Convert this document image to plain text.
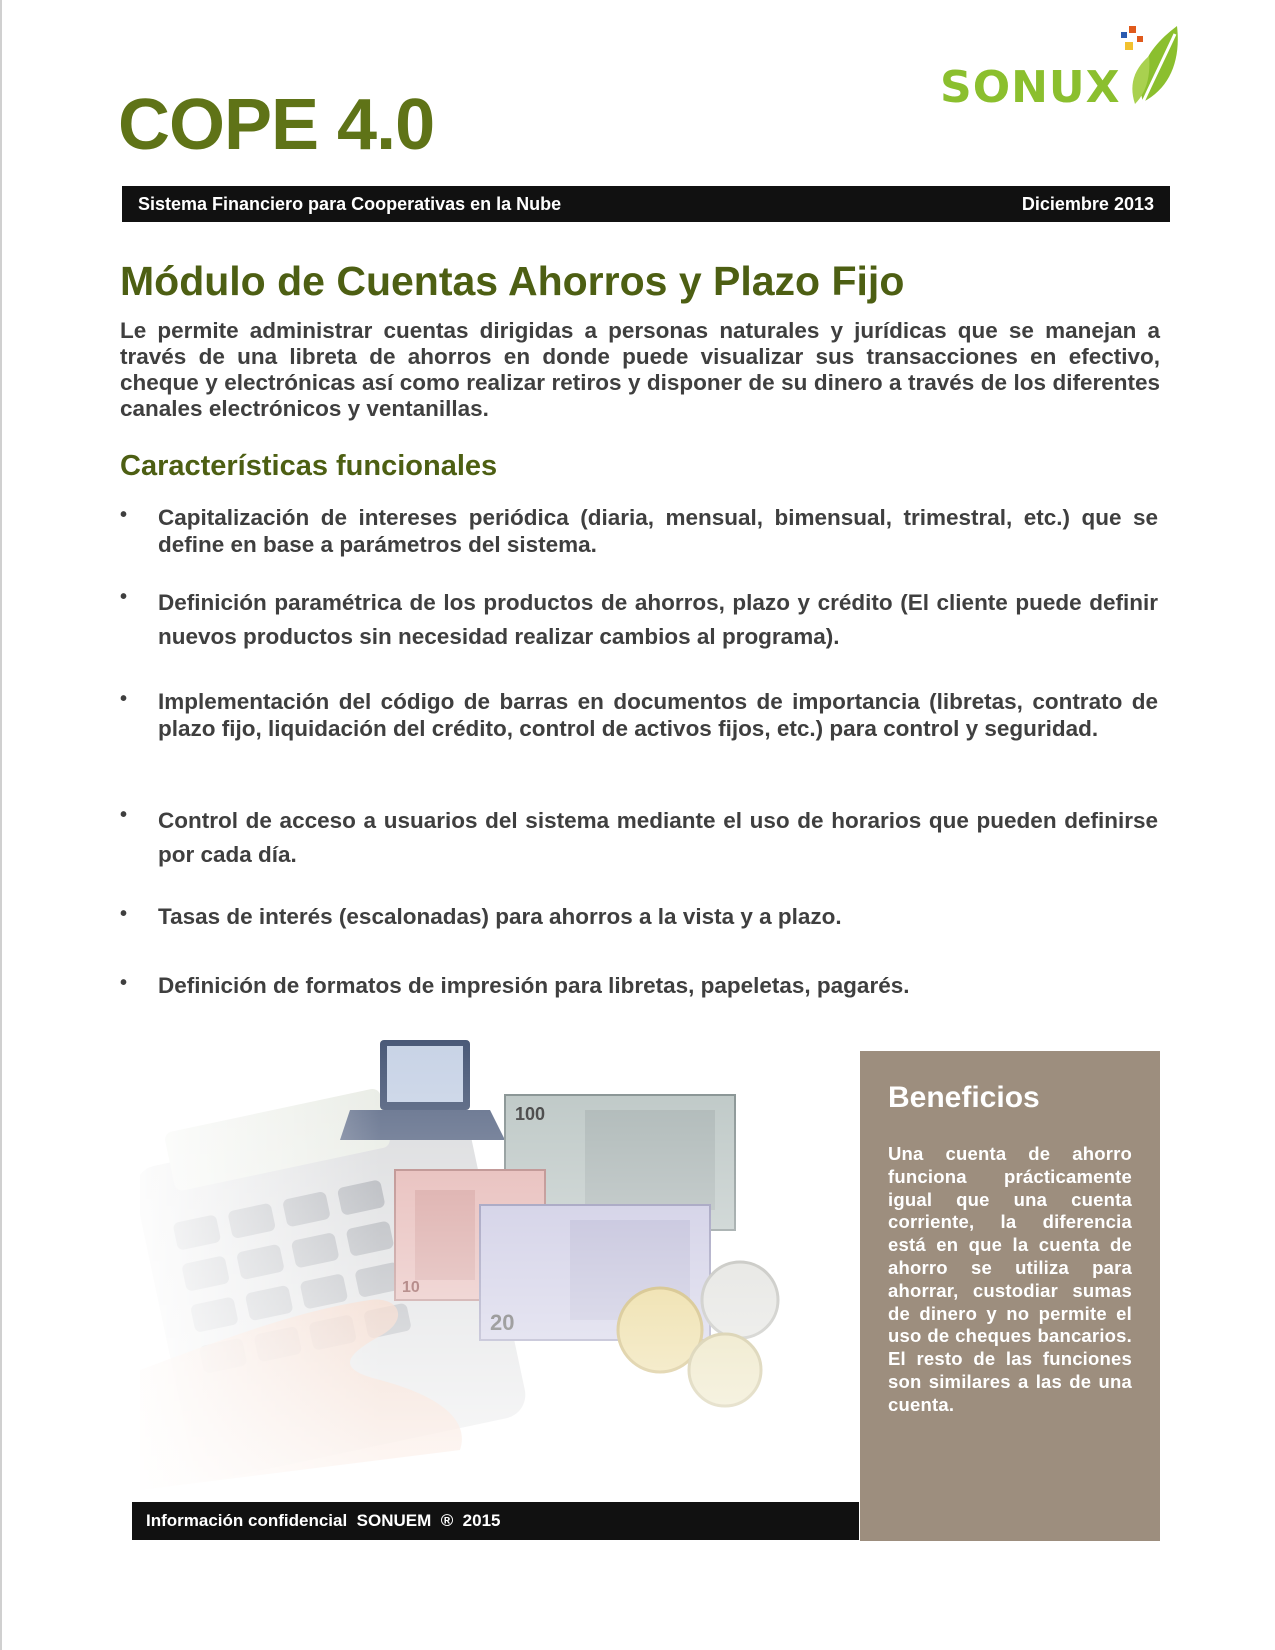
SONUX
COPE 4.0
Sistema Financiero para Cooperativas en la Nube	Diciembre 2013
Módulo de Cuentas Ahorros y Plazo Fijo

Le permite administrar cuentas dirigidas a personas naturales y jurídicas que se manejan a través de una libreta de ahorros en donde puede visualizar sus transacciones en efectivo, cheque y electrónicas así como realizar retiros y disponer de su dinero a través de los diferentes canales electrónicos y ventanillas.

Características funcionales
• Capitalización de intereses periódica (diaria, mensual, bimensual, trimestral, etc.) que se define en base a parámetros del sistema.

• Definición paramétrica de los productos de ahorros, plazo y crédito (El cliente puede definir nuevos productos sin necesidad realizar cambios al programa).

• Implementación del código de barras en documentos de importancia (libretas, contrato de plazo fijo, liquidación del crédito, control de activos fijos, etc.) para control y seguridad.

• Control de acceso a usuarios del sistema mediante el uso de horarios que pueden definirse por cada día.

• Tasas de interés (escalonadas) para ahorros a la vista y a plazo.

• Definición de formatos de impresión para libretas, papeletas, pagarés.

Beneficios

Una cuenta de ahorro funciona prácticamente igual que una cuenta corriente, la diferencia está en que la cuenta de ahorro se utiliza para ahorrar, custodiar sumas de dinero y no permite el uso de cheques bancarios. El resto de las funciones son similares a las de una cuenta.

Información confidencial  SONUEM  ®  2015
